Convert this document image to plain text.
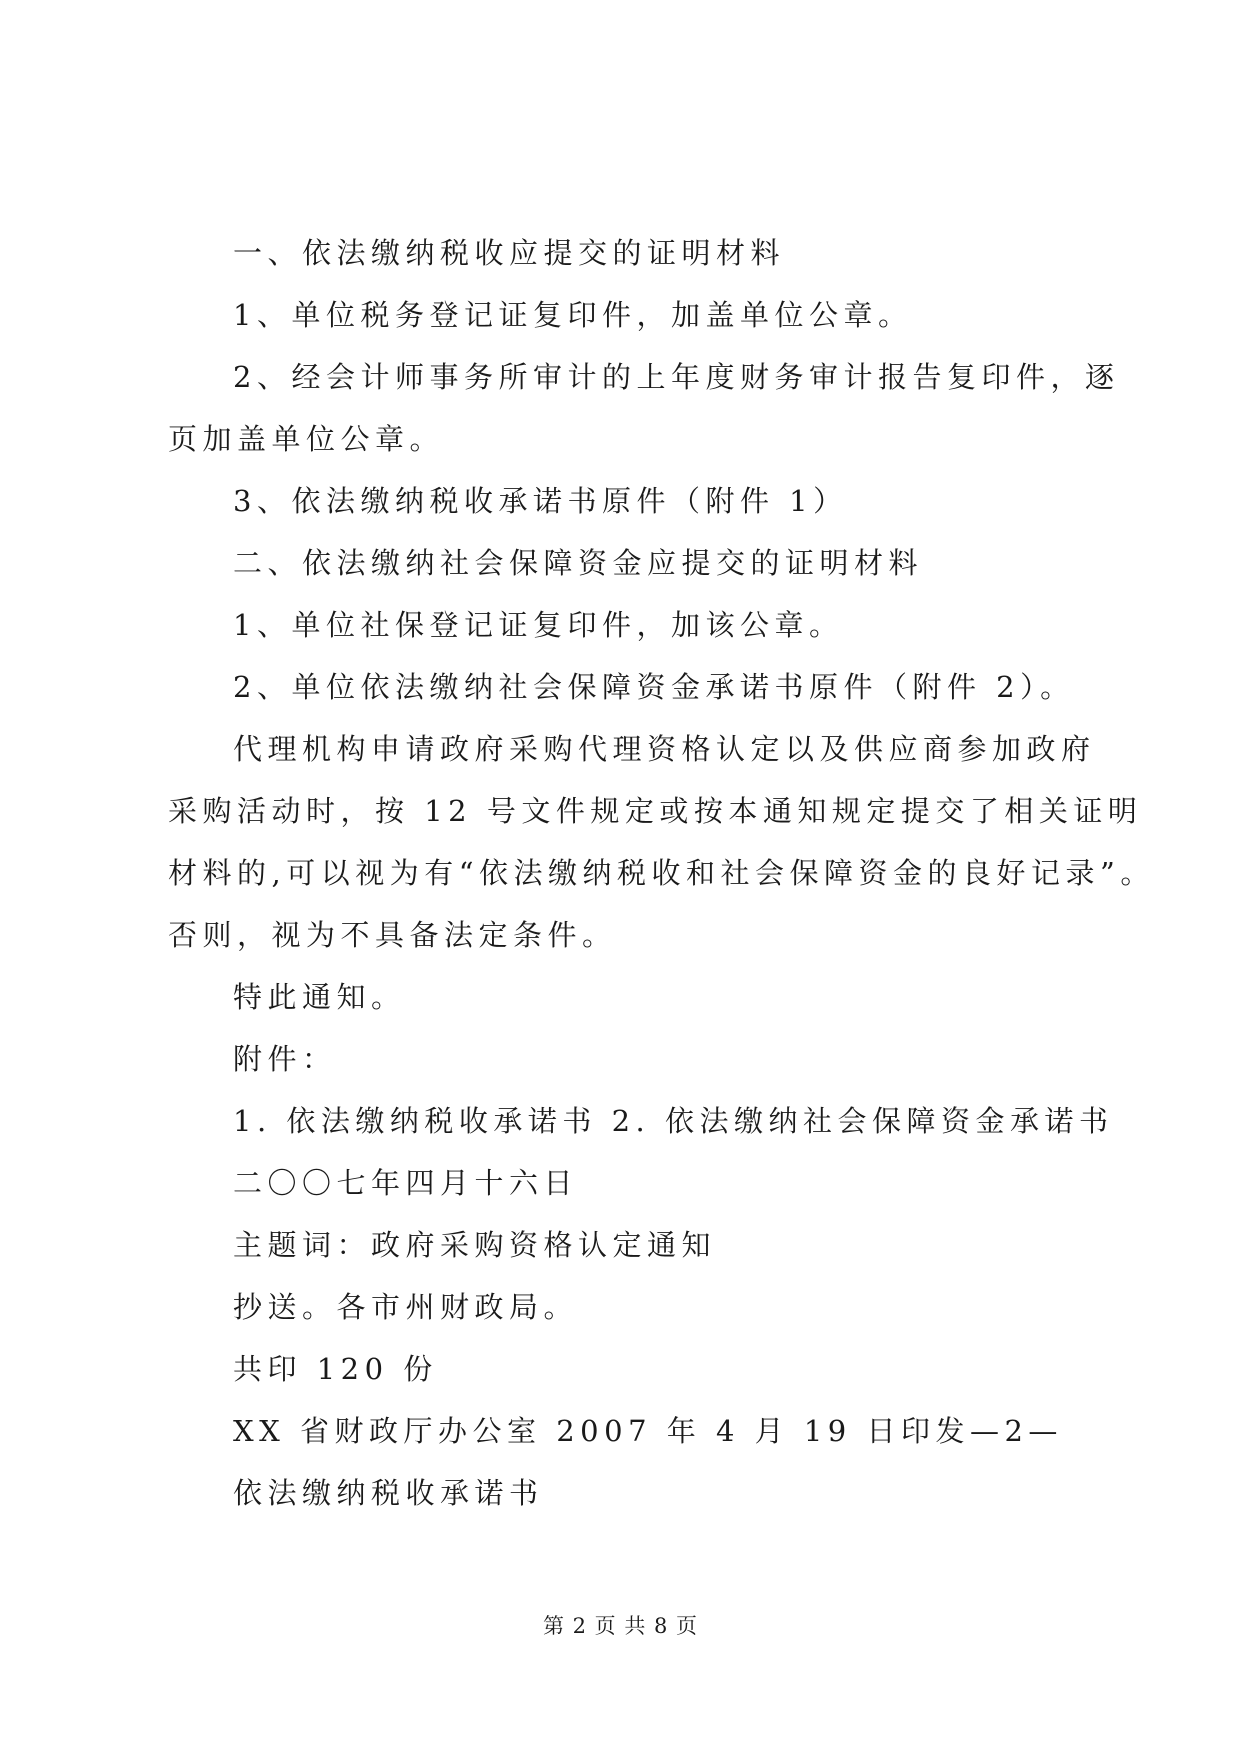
一、依法缴纳税收应提交的证明材料

1、单位税务登记证复印件，加盖单位公章。

2、经会计师事务所审计的上年度财务审计报告复印件，逐

页加盖单位公章。

3、依法缴纳税收承诺书原件（附件 1）

二、依法缴纳社会保障资金应提交的证明材料

1、单位社保登记证复印件，加该公章。

2、单位依法缴纳社会保障资金承诺书原件（附件 2）。

代理机构申请政府采购代理资格认定以及供应商参加政府

采购活动时，按 12 号文件规定或按本通知规定提交了相关证明

材料的,可以视为有“依法缴纳税收和社会保障资金的良好记录”。

否则，视为不具备法定条件。

特此通知。

附件：

1. 依法缴纳税收承诺书 2. 依法缴纳社会保障资金承诺书

二〇〇七年四月十六日

主题词：政府采购资格认定通知

抄送。各市州财政局。

共印 120 份

XX 省财政厅办公室 2007 年 4 月 19 日印发—2—

依法缴纳税收承诺书

第 2 页 共 8 页
